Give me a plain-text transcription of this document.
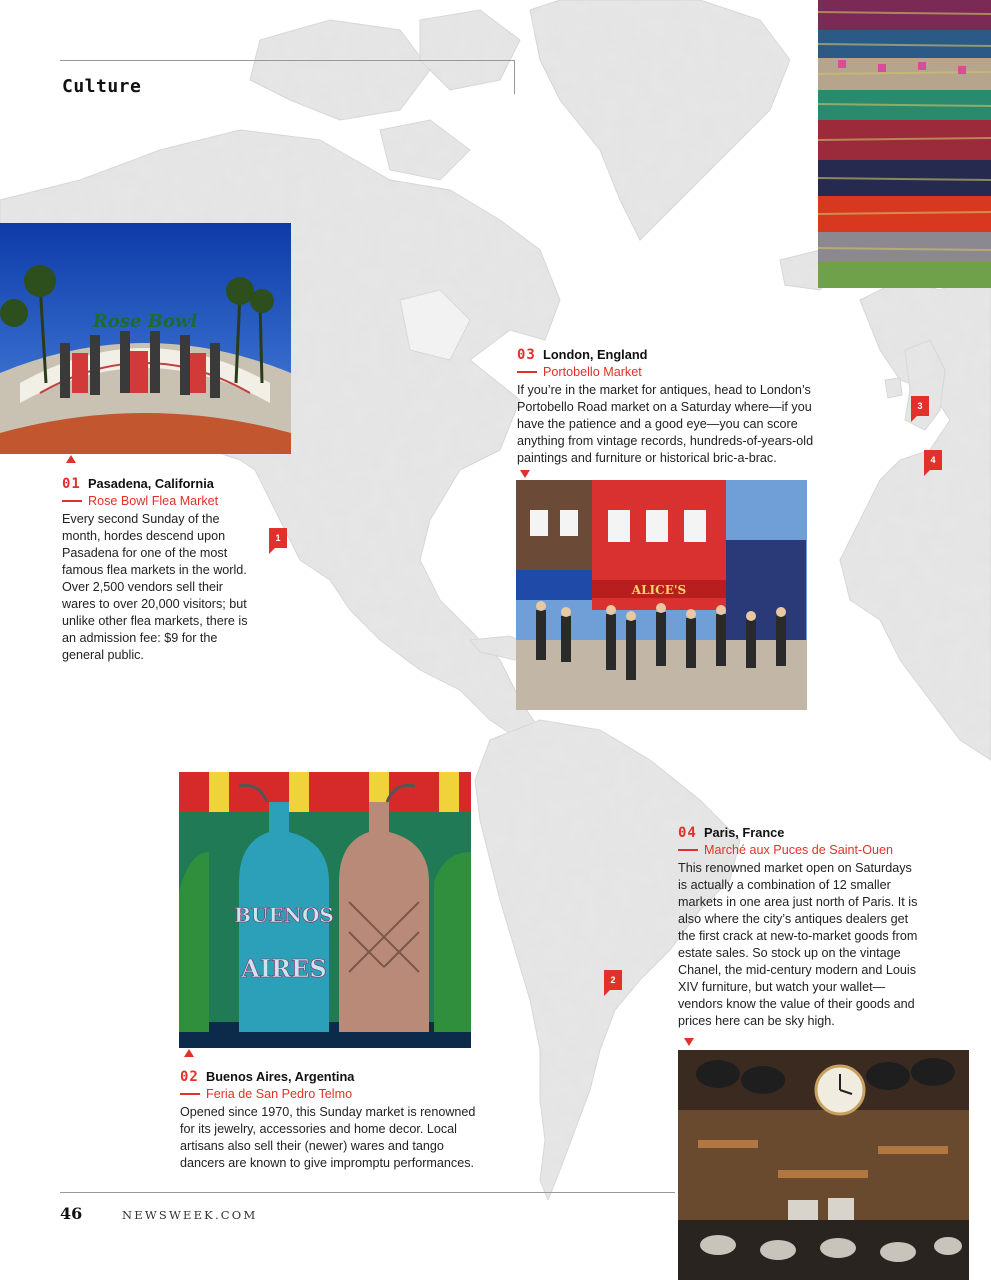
Culture
Rose Bowl
ALICE'S
BUENOS
AIRES
01 Pasadena, California
Rose Bowl Flea Market
Every second Sunday of the month, hordes descend upon Pasadena for one of the most famous flea markets in the world. Over 2,500 vendors sell their wares to over 20,000 visitors; but unlike other flea markets, there is an admission fee: $9 for the general public.
03 London, England
Portobello Market
If you’re in the market for antiques, head to London’s Portobello Road market on a Saturday where—if you have the patience and a good eye—you can score anything from vintage records, hundreds-of-years-old paintings and furniture or historical bric-a-brac.
02 Buenos Aires, Argentina
Feria de San Pedro Telmo
Opened since 1970, this Sunday market is renowned for its jewelry, accessories and home decor. Local artisans also sell their (newer) wares and tango dancers are known to give impromptu performances.
04 Paris, France
Marché aux Puces de Saint-Ouen
This renowned market open on Saturdays is actually a combination of 12 smaller markets in one area just north of Paris. It is also where the city’s antiques dealers get the first crack at new-to-market goods from estate sales. So stock up on the vintage Chanel, the mid-century modern and Louis XIV furniture, but watch your wallet—vendors know the value of their goods and prices here can be sky high.
1
2
3
4
46	NEWSWEEK.COM
